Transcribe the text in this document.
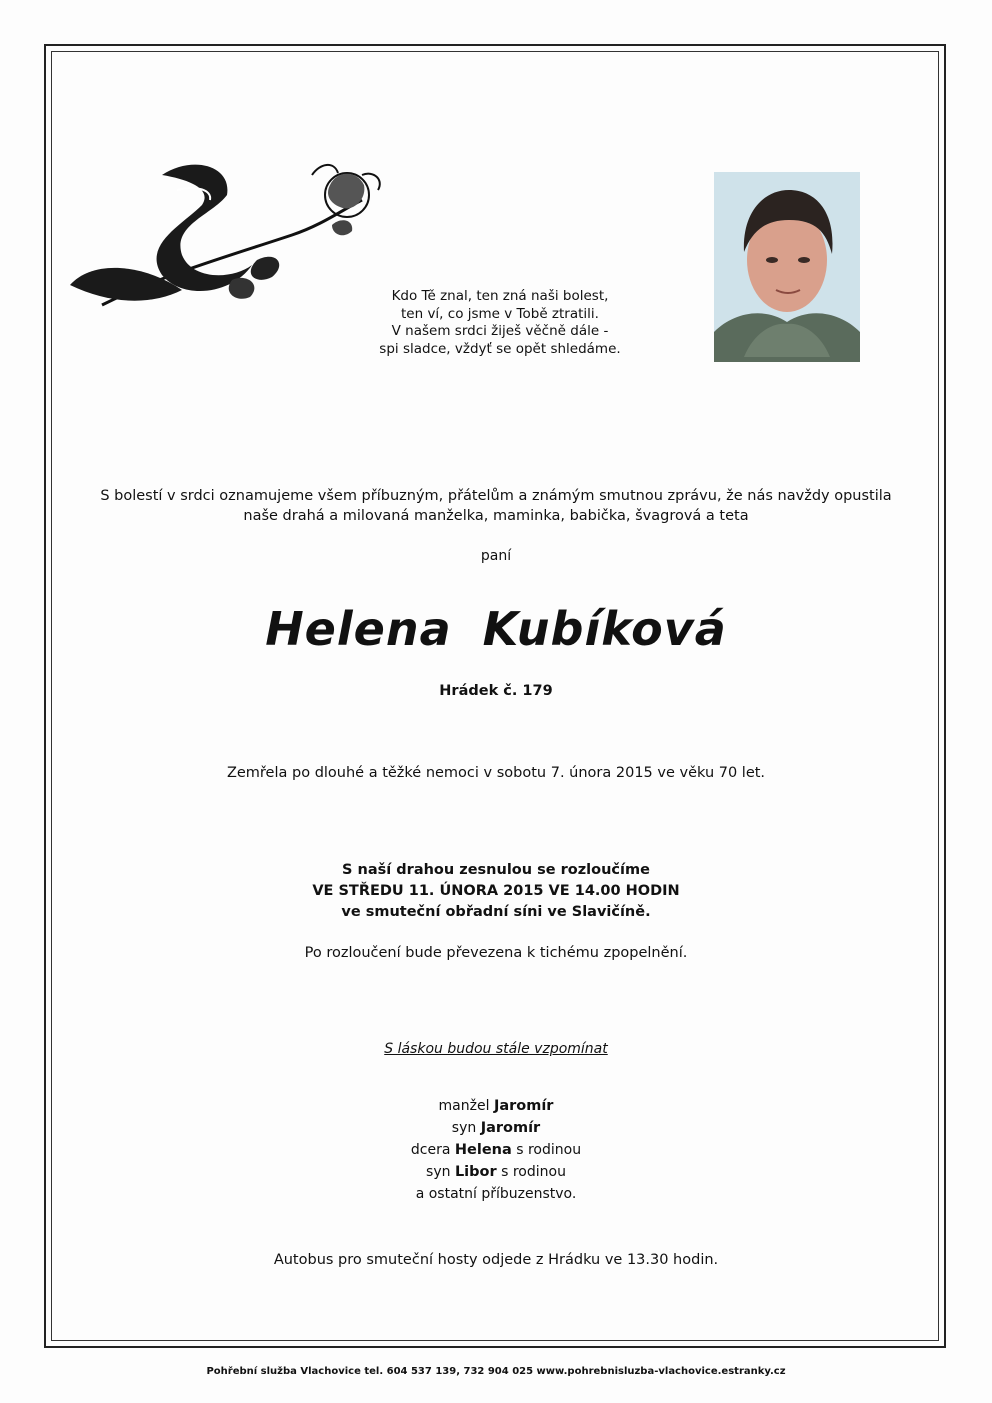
Kdo Tě znal, ten zná naši bolest,
ten ví, co jsme v Tobě ztratili.
V našem srdci žiješ věčně dále -
spi sladce, vždyť se opět shledáme.
S bolestí v srdci oznamujeme všem příbuzným, přátelům a známým smutnou zprávu, že nás navždy opustila
naše drahá a milovaná manželka, maminka, babička, švagrová a teta
paní
Helena Kubíková
Hrádek č. 179
Zemřela po dlouhé a těžké nemoci v sobotu 7. února 2015 ve věku 70 let.
S naší drahou zesnulou se rozloučíme
VE STŘEDU 11. ÚNORA 2015 VE 14.00 HODIN
ve smuteční obřadní síni ve Slavičíně.
Po rozloučení bude převezena k tichému zpopelnění.
S láskou budou stále vzpomínat
manžel Jaromír
syn Jaromír
dcera Helena s rodinou
syn Libor s rodinou
a ostatní příbuzenstvo.
Autobus pro smuteční hosty odjede z Hrádku ve 13.30 hodin.
Pohřební služba Vlachovice tel. 604 537 139, 732 904 025 www.pohrebnisluzba-vlachovice.estranky.cz
